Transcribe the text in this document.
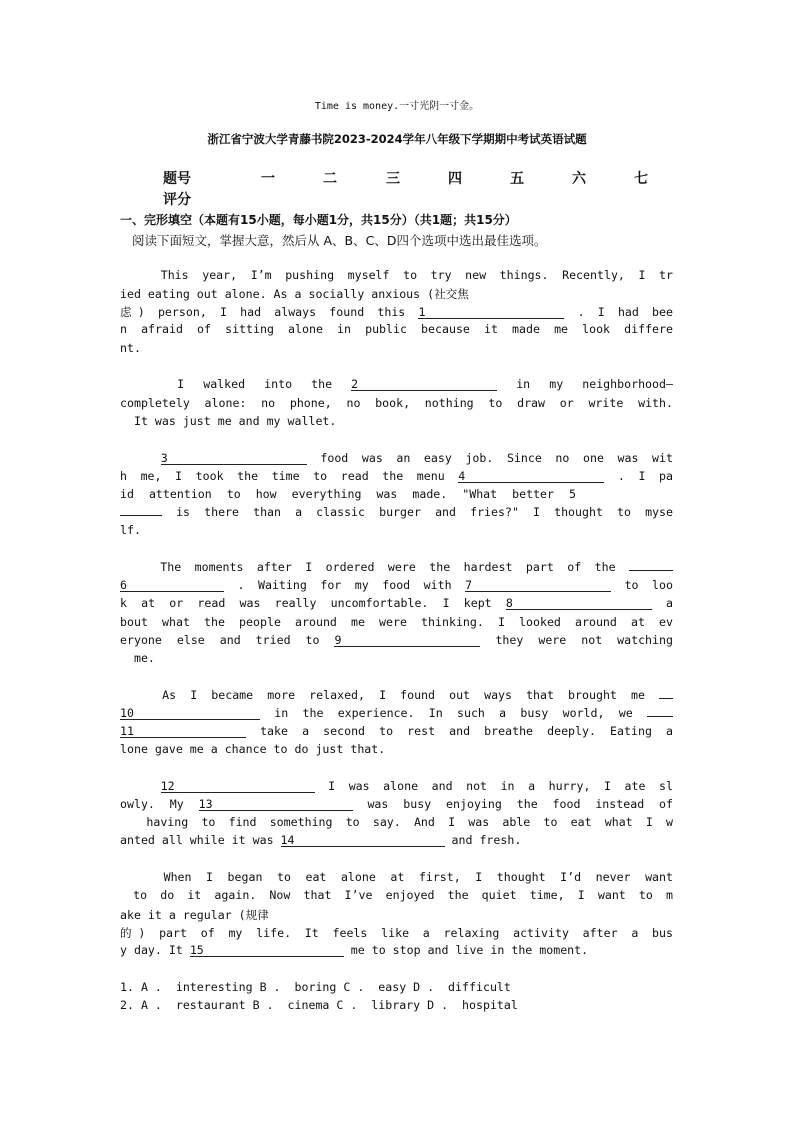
Time is money.一寸光阴一寸金。
浙江省宁波大学青藤书院2023-2024学年八年级下学期期中考试英语试题
题号	一	二	三	四	五	六	七
评分
一、完形填空（本题有15小题，每小题1分，共15分）（共1题；共15分）
阅读下面短文，掌握大意，然后从 A、B、C、D四个选项中选出最佳选项。
This year, I’m pushing myself to try new things. Recently, I tr
ied eating out alone. As a socially anxious (社交焦
虑) person, I had always found this 1	. I had bee
n afraid of sitting alone in public because it made me look differe
nt.
I walked into the 2	in my neighborhood—
completely alone: no phone, no book, nothing to draw or write with.
It was just me and my wallet.
3	food was an easy job. Since no one was wit
h me, I took the time to read the menu 4	. I pa
id attention to how everything was made. "What better 5
is there than a classic burger and fries?" I thought to myse
lf.
The moments after I ordered were the hardest part of the
6	. Waiting for my food with 7	to loo
k at or read was really uncomfortable. I kept 8	a
bout what the people around me were thinking. I looked around at ev
eryone else and tried to 9	they were not watching
me.
As I became more relaxed, I found out ways that brought me
10	in the experience. In such a busy world, we
11	take a second to rest and breathe deeply. Eating a
lone gave me a chance to do just that.
12	I was alone and not in a hurry, I ate sl
owly. My 13	was busy enjoying the food instead of
having to find something to say. And I was able to eat what I w
anted all while it was 14	and fresh.
When I began to eat alone at first, I thought I’d never want
to do it again. Now that I’ve enjoyed the quiet time, I want to m
ake it a regular (规律
的) part of my life. It feels like a relaxing activity after a bus
y day. It 15	me to stop and live in the moment.
1. A .  interesting B .  boring C .  easy D .  difficult
2. A .  restaurant B .  cinema C .  library D .  hospital
